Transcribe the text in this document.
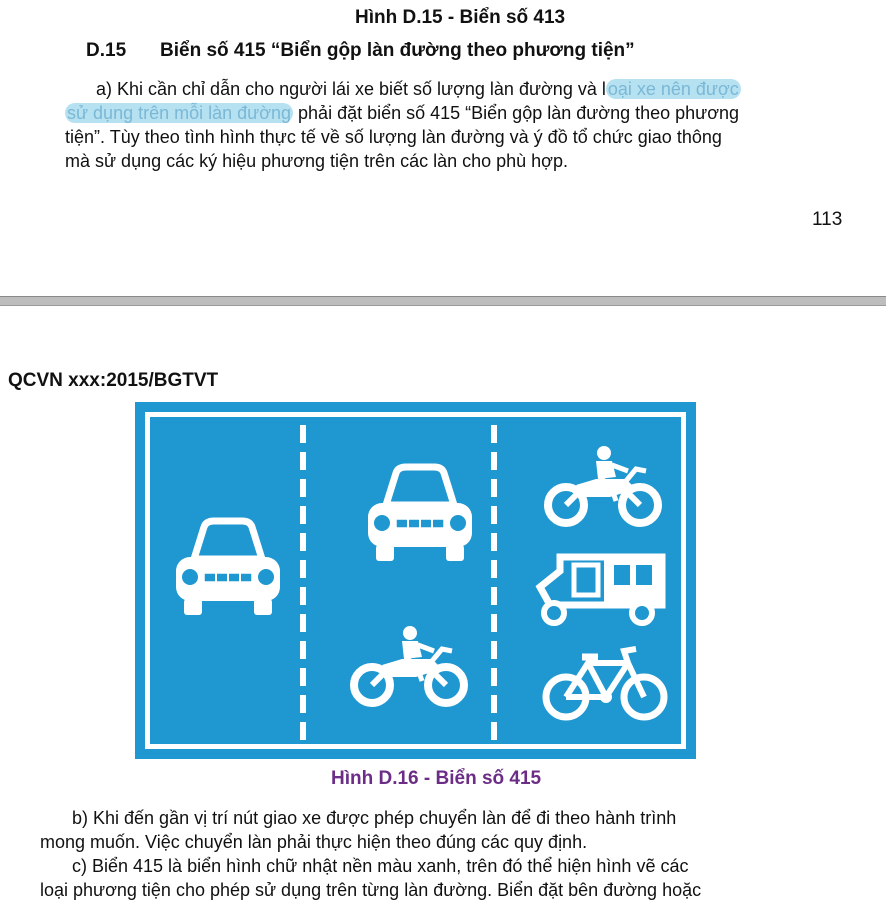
Hình D.15 - Biển số 413
D.15 Biển số 415 “Biển gộp làn đường theo phương tiện”
a) Khi cần chỉ dẫn cho người lái xe biết số lượng làn đường và l oại xe nên được
sử dụng trên mỗi làn đường phải đặt biển số 415 “Biển gộp làn đường theo phương
tiện”. Tùy theo tình hình thực tế về số lượng làn đường và ý đồ tổ chức giao thông
mà sử dụng các ký hiệu phương tiện trên các làn cho phù hợp.
113
QCVN xxx:2015/BGTVT
Hình D.16 - Biển số 415
b) Khi đến gần vị trí nút giao xe được phép chuyển làn để đi theo hành trình
mong muốn. Việc chuyển làn phải thực hiện theo đúng các quy định.
c) Biển 415 là biển hình chữ nhật nền màu xanh, trên đó thể hiện hình vẽ các
loại phương tiện cho phép sử dụng trên từng làn đường. Biển đặt bên đường hoặc
